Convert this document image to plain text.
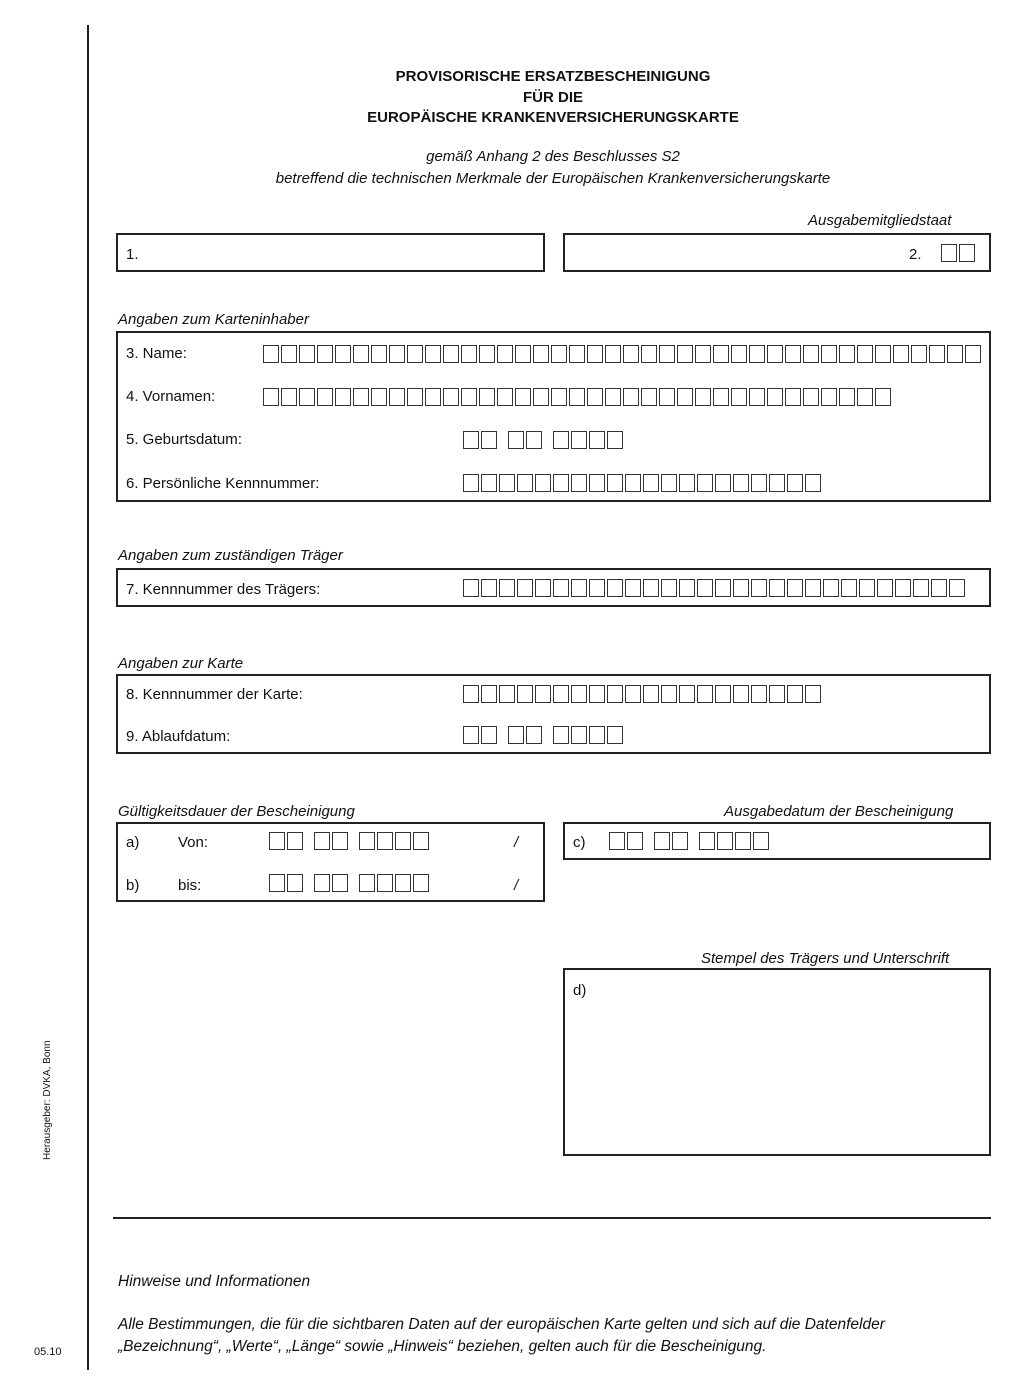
Herausgeber: DVKA, Bonn
05.10
PROVISORISCHE ERSATZBESCHEINIGUNG
FÜR DIE
EUROPÄISCHE KRANKENVERSICHERUNGSKARTE
gemäß Anhang 2 des Beschlusses S2
betreffend die technischen Merkmale der Europäischen Krankenversicherungskarte
Ausgabemitgliedstaat
1.	2.
Angaben zum Karteninhaber
3. Name:
4. Vornamen:
5. Geburtsdatum:
6. Persönliche Kennnummer:
Angaben zum zuständigen Träger
7. Kennnummer des Trägers:
Angaben zur Karte
8. Kennnummer der Karte:
9. Ablaufdatum:
Gültigkeitsdauer der Bescheinigung
a)	Von:	/
b)	bis:	/
Ausgabedatum der Bescheinigung
c)
Stempel des Trägers und Unterschrift
d)
Hinweise und Informationen
Alle Bestimmungen, die für die sichtbaren Daten auf der europäischen Karte gelten und sich auf die Datenfelder „Bezeichnung“, „Werte“, „Länge“ sowie „Hinweis“ beziehen, gelten auch für die Bescheinigung.
